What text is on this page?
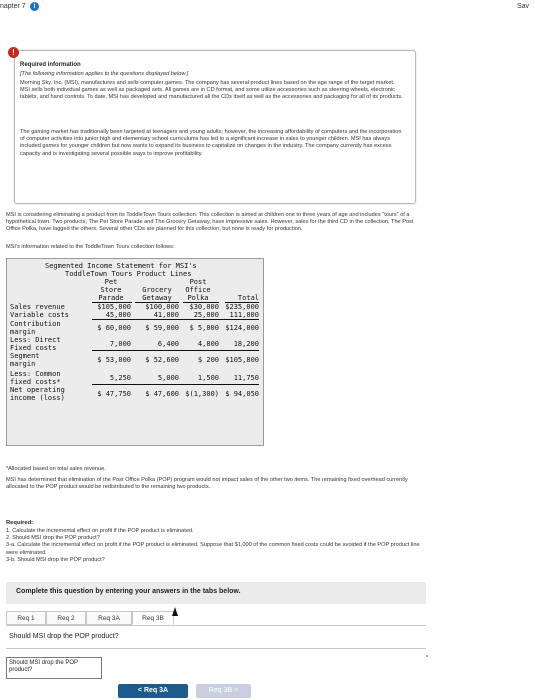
napter 7	i	Sav
!
Required information
[The following information applies to the questions displayed below.]
Morning Sky, Inc. (MSI), manufactures and sells computer games. The company has several product lines based on the age range of the target market. MSI sells both individual games as well as packaged sets. All games are in CD format, and some utilize accessories such as steering wheels, electronic tablets, and hand controls. To date, MSI has developed and manufactured all the CDs itself as well as the accessories and packaging for all of its products.
The gaming market has traditionally been targeted at teenagers and young adults; however, the increasing affordability of computers and the incorporation of computer activities into junior high and elementary school curriculums has led to a significant increase in sales to younger children. MSI has always included games for younger children but now wants to expand its business to capitalize on changes in the industry. The company currently has excess capacity and is investigating several possible ways to improve profitability.
MSI is considering eliminating a product from its ToddleTown Tours collection. This collection is aimed at children one to three years of age and includes "tours" of a hypothetical town. Two products, The Pet Store Parade and The Grocery Getaway, have impressive sales. However, sales for the third CD in the collection, The Post Office Polka, have lagged the others. Several other CDs are planned for this collection, but none is ready for production.
MSI's information related to the ToddleTown Tours collection follows:
Segmented Income Statement for MSI's
ToddleTown Tours Product Lines
Pet
Store
Parade
Grocery
Getaway
Post
Office
Polka	Total
Sales revenue	$105,000	$100,000	$30,000 $235,000
Variable costs	45,000	41,000	25,000	111,000
Contribution margin	$ 60,000	$ 59,000	$ 5,000 $124,000
Less: Direct Fixed costs	7,000	6,400	4,800	18,200
Segment margin	$ 53,000	$ 52,600	$ 200 $105,800
Less: Common fixed costs*	5,250	5,000	1,500	11,750
Net operating income (loss)	$ 47,750	$ 47,600 $(1,300) $ 94,050
*Allocated based on total sales revenue.
MSI has determined that elimination of the Post Office Polka (POP) program would not impact sales of the other two items. The remaining fixed overhead currently allocated to the POP product would be redistributed to the remaining two products.
Required:
1. Calculate the incremental effect on profit if the POP product is eliminated.
2. Should MSI drop the POP product?
3-a. Calculate the incremental effect on profit if the POP product is eliminated. Suppose that $1,000 of the common fixed costs could be avoided if the POP product line were eliminated.
3-b. Should MSI drop the POP product?
Complete this question by entering your answers in the tabs below.
Req 1	Req 2	Req 3A	Req 3B
Should MSI drop the POP product?
Should MSI drop the POP product?
< Req 3A	Req 3B >
